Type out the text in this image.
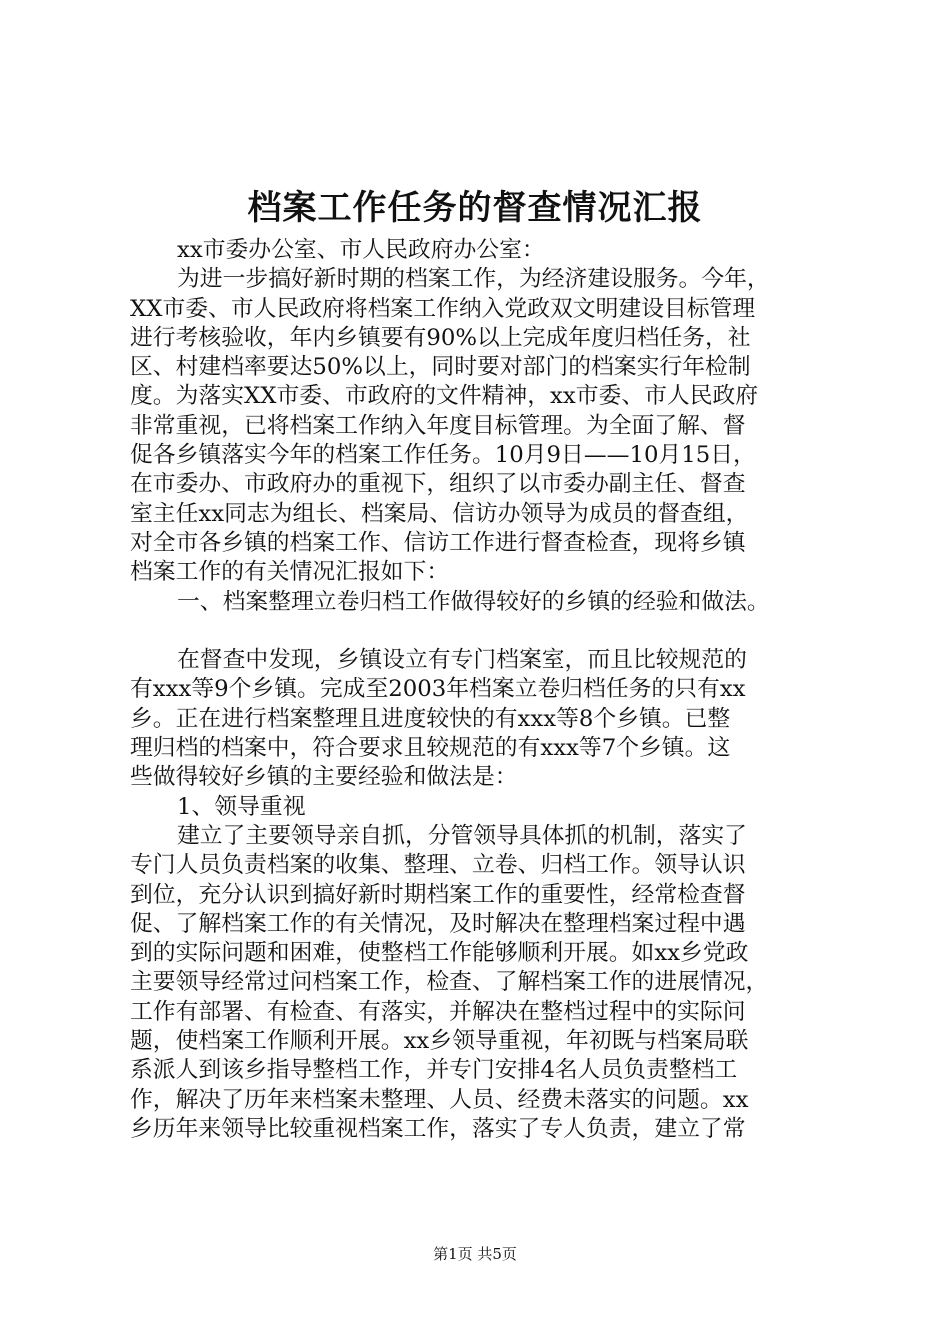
档案工作任务的督查情况汇报
xx市委办公室、市人民政府办公室：
为进一步搞好新时期的档案工作，为经济建设服务。今年，
XX市委、市人民政府将档案工作纳入党政双文明建设目标管理
进行考核验收，年内乡镇要有90%以上完成年度归档任务，社
区、村建档率要达50%以上，同时要对部门的档案实行年检制
度。为落实XX市委、市政府的文件精神，xx市委、市人民政府
非常重视，已将档案工作纳入年度目标管理。为全面了解、督
促各乡镇落实今年的档案工作任务。10月9日——10月15日，
在市委办、市政府办的重视下，组织了以市委办副主任、督查
室主任xx同志为组长、档案局、信访办领导为成员的督查组，
对全市各乡镇的档案工作、信访工作进行督查检查，现将乡镇
档案工作的有关情况汇报如下：
一、档案整理立卷归档工作做得较好的乡镇的经验和做法。
在督查中发现，乡镇设立有专门档案室，而且比较规范的
有xxx等9个乡镇。完成至2003年档案立卷归档任务的只有xx
乡。正在进行档案整理且进度较快的有xxx等8个乡镇。已整
理归档的档案中，符合要求且较规范的有xxx等7个乡镇。这
些做得较好乡镇的主要经验和做法是：
1、领导重视
建立了主要领导亲自抓，分管领导具体抓的机制，落实了
专门人员负责档案的收集、整理、立卷、归档工作。领导认识
到位，充分认识到搞好新时期档案工作的重要性，经常检查督
促、了解档案工作的有关情况，及时解决在整理档案过程中遇
到的实际问题和困难，使整档工作能够顺利开展。如xx乡党政
主要领导经常过问档案工作，检查、了解档案工作的进展情况，
工作有部署、有检查、有落实，并解决在整档过程中的实际问
题，使档案工作顺利开展。xx乡领导重视，年初既与档案局联
系派人到该乡指导整档工作，并专门安排4名人员负责整档工
作，解决了历年来档案未整理、人员、经费未落实的问题。xx
乡历年来领导比较重视档案工作，落实了专人负责，建立了常
第1页 共5页
